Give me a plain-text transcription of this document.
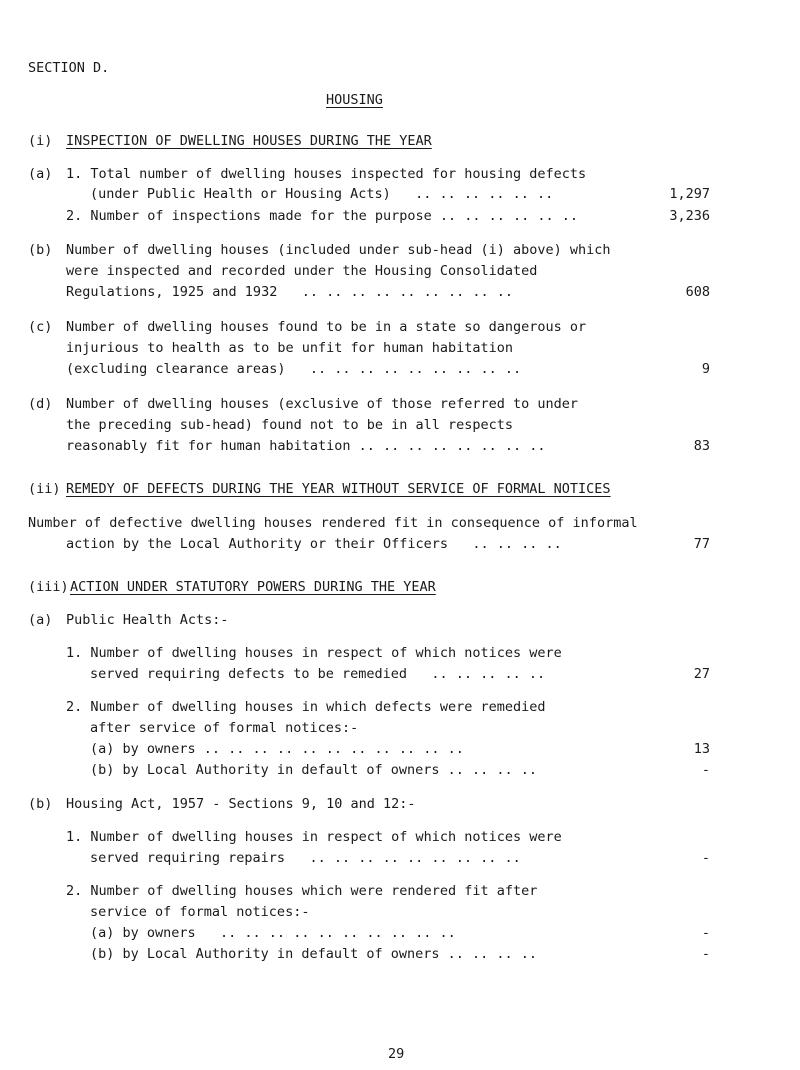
SECTION D.
HOUSING
(i) INSPECTION OF DWELLING HOUSES DURING THE YEAR
(a) 1. Total number of dwelling houses inspected for housing defects
(under Public Health or Housing Acts)   .. .. .. .. .. ..	1,297
2. Number of inspections made for the purpose .. .. .. .. .. ..	3,236
(b) Number of dwelling houses (included under sub-head (i) above) which
were inspected and recorded under the Housing Consolidated
Regulations, 1925 and 1932   .. .. .. .. .. .. .. .. ..	608
(c) Number of dwelling houses found to be in a state so dangerous or
injurious to health as to be unfit for human habitation
(excluding clearance areas)   .. .. .. .. .. .. .. .. ..	9
(d) Number of dwelling houses (exclusive of those referred to under
the preceding sub-head) found not to be in all respects
reasonably fit for human habitation .. .. .. .. .. .. .. ..	83
(ii) REMEDY OF DEFECTS DURING THE YEAR WITHOUT SERVICE OF FORMAL NOTICES
Number of defective dwelling houses rendered fit in consequence of informal
action by the Local Authority or their Officers   .. .. .. ..	77
(iii) ACTION UNDER STATUTORY POWERS DURING THE YEAR
(a) Public Health Acts:-
1. Number of dwelling houses in respect of which notices were
served requiring defects to be remedied   .. .. .. .. ..	27
2. Number of dwelling houses in which defects were remedied
after service of formal notices:-
(a) by owners .. .. .. .. .. .. .. .. .. .. ..	13
(b) by Local Authority in default of owners .. .. .. ..	-
(b) Housing Act, 1957 - Sections 9, 10 and 12:-
1. Number of dwelling houses in respect of which notices were
served requiring repairs   .. .. .. .. .. .. .. .. ..	-
2. Number of dwelling houses which were rendered fit after
service of formal notices:-
(a) by owners   .. .. .. .. .. .. .. .. .. ..	-
(b) by Local Authority in default of owners .. .. .. ..	-
29
